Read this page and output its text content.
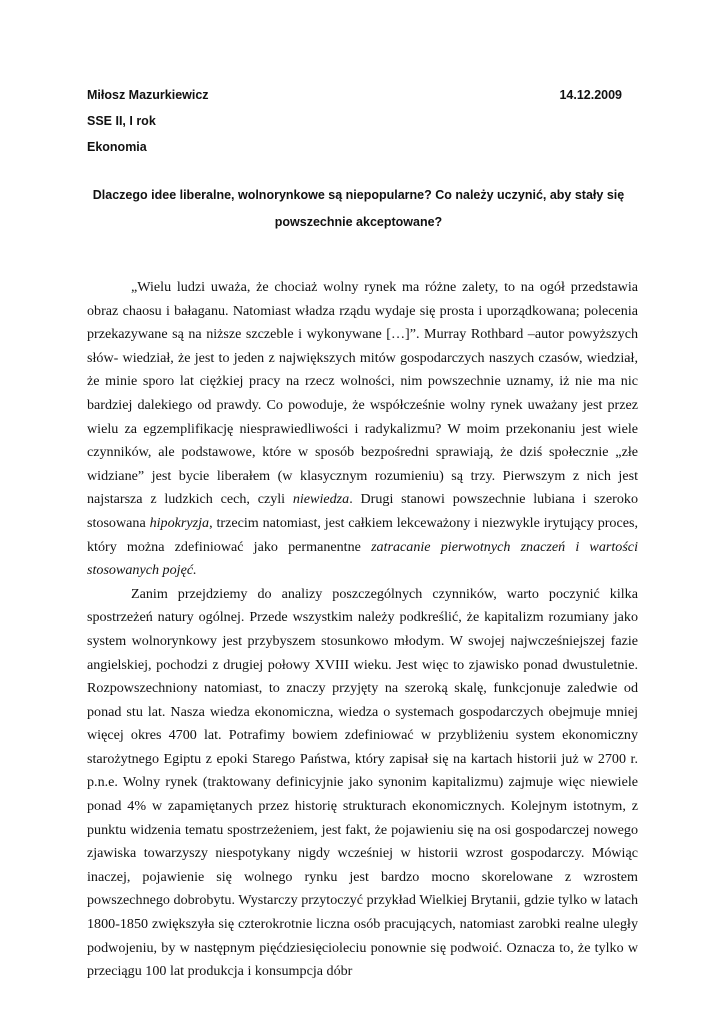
Miłosz Mazurkiewicz	14.12.2009
SSE II, I rok
Ekonomia
Dlaczego idee liberalne, wolnorynkowe są niepopularne? Co należy uczynić, aby stały się
powszechnie akceptowane?

„Wielu ludzi uważa, że chociaż wolny rynek ma różne zalety, to na ogół przedstawia obraz chaosu i bałaganu. Natomiast władza rządu wydaje się prosta i uporządkowana; polecenia przekazywane są na niższe szczeble i wykonywane […]”. Murray Rothbard –autor powyższych słów- wiedział, że jest to jeden z największych mitów gospodarczych naszych czasów, wiedział, że minie sporo lat ciężkiej pracy na rzecz wolności, nim powszechnie uznamy, iż nie ma nic bardziej dalekiego od prawdy. Co powoduje, że współcześnie wolny rynek uważany jest przez wielu za egzemplifikację niesprawiedliwości i radykalizmu? W moim przekonaniu jest wiele czynników, ale podstawowe, które w sposób bezpośredni sprawiają, że dziś społecznie „złe widziane” jest bycie liberałem (w klasycznym rozumieniu) są trzy. Pierwszym z nich jest najstarsza z ludzkich cech, czyli niewiedza. Drugi stanowi powszechnie lubiana i szeroko stosowana hipokryzja, trzecim natomiast, jest całkiem lekceważony i niezwykle irytujący proces, który można zdefiniować jako permanentne zatracanie pierwotnych znaczeń i wartości stosowanych pojęć.

Zanim przejdziemy do analizy poszczególnych czynników, warto poczynić kilka spostrzeżeń natury ogólnej. Przede wszystkim należy podkreślić, że kapitalizm rozumiany jako system wolnorynkowy jest przybyszem stosunkowo młodym. W swojej najwcześniejszej fazie angielskiej, pochodzi z drugiej połowy XVIII wieku. Jest więc to zjawisko ponad dwustuletnie. Rozpowszechniony natomiast, to znaczy przyjęty na szeroką skalę, funkcjonuje zaledwie od ponad stu lat. Nasza wiedza ekonomiczna, wiedza o systemach gospodarczych obejmuje mniej więcej okres 4700 lat. Potrafimy bowiem zdefiniować w przybliżeniu system ekonomiczny starożytnego Egiptu z epoki Starego Państwa, który zapisał się na kartach historii już w 2700 r. p.n.e. Wolny rynek (traktowany definicyjnie jako synonim kapitalizmu) zajmuje więc niewiele ponad 4% w zapamiętanych przez historię strukturach ekonomicznych. Kolejnym istotnym, z punktu widzenia tematu spostrzeżeniem, jest fakt, że pojawieniu się na osi gospodarczej nowego zjawiska towarzyszy niespotykany nigdy wcześniej w historii wzrost gospodarczy. Mówiąc inaczej, pojawienie się wolnego rynku jest bardzo mocno skorelowane z wzrostem powszechnego dobrobytu. Wystarczy przytoczyć przykład Wielkiej Brytanii, gdzie tylko w latach 1800-1850 zwiększyła się czterokrotnie liczna osób pracujących, natomiast zarobki realne uległy podwojeniu, by w następnym pięćdziesięcioleciu ponownie się podwoić. Oznacza to, że tylko w przeciągu 100 lat produkcja i konsumpcja dóbr
